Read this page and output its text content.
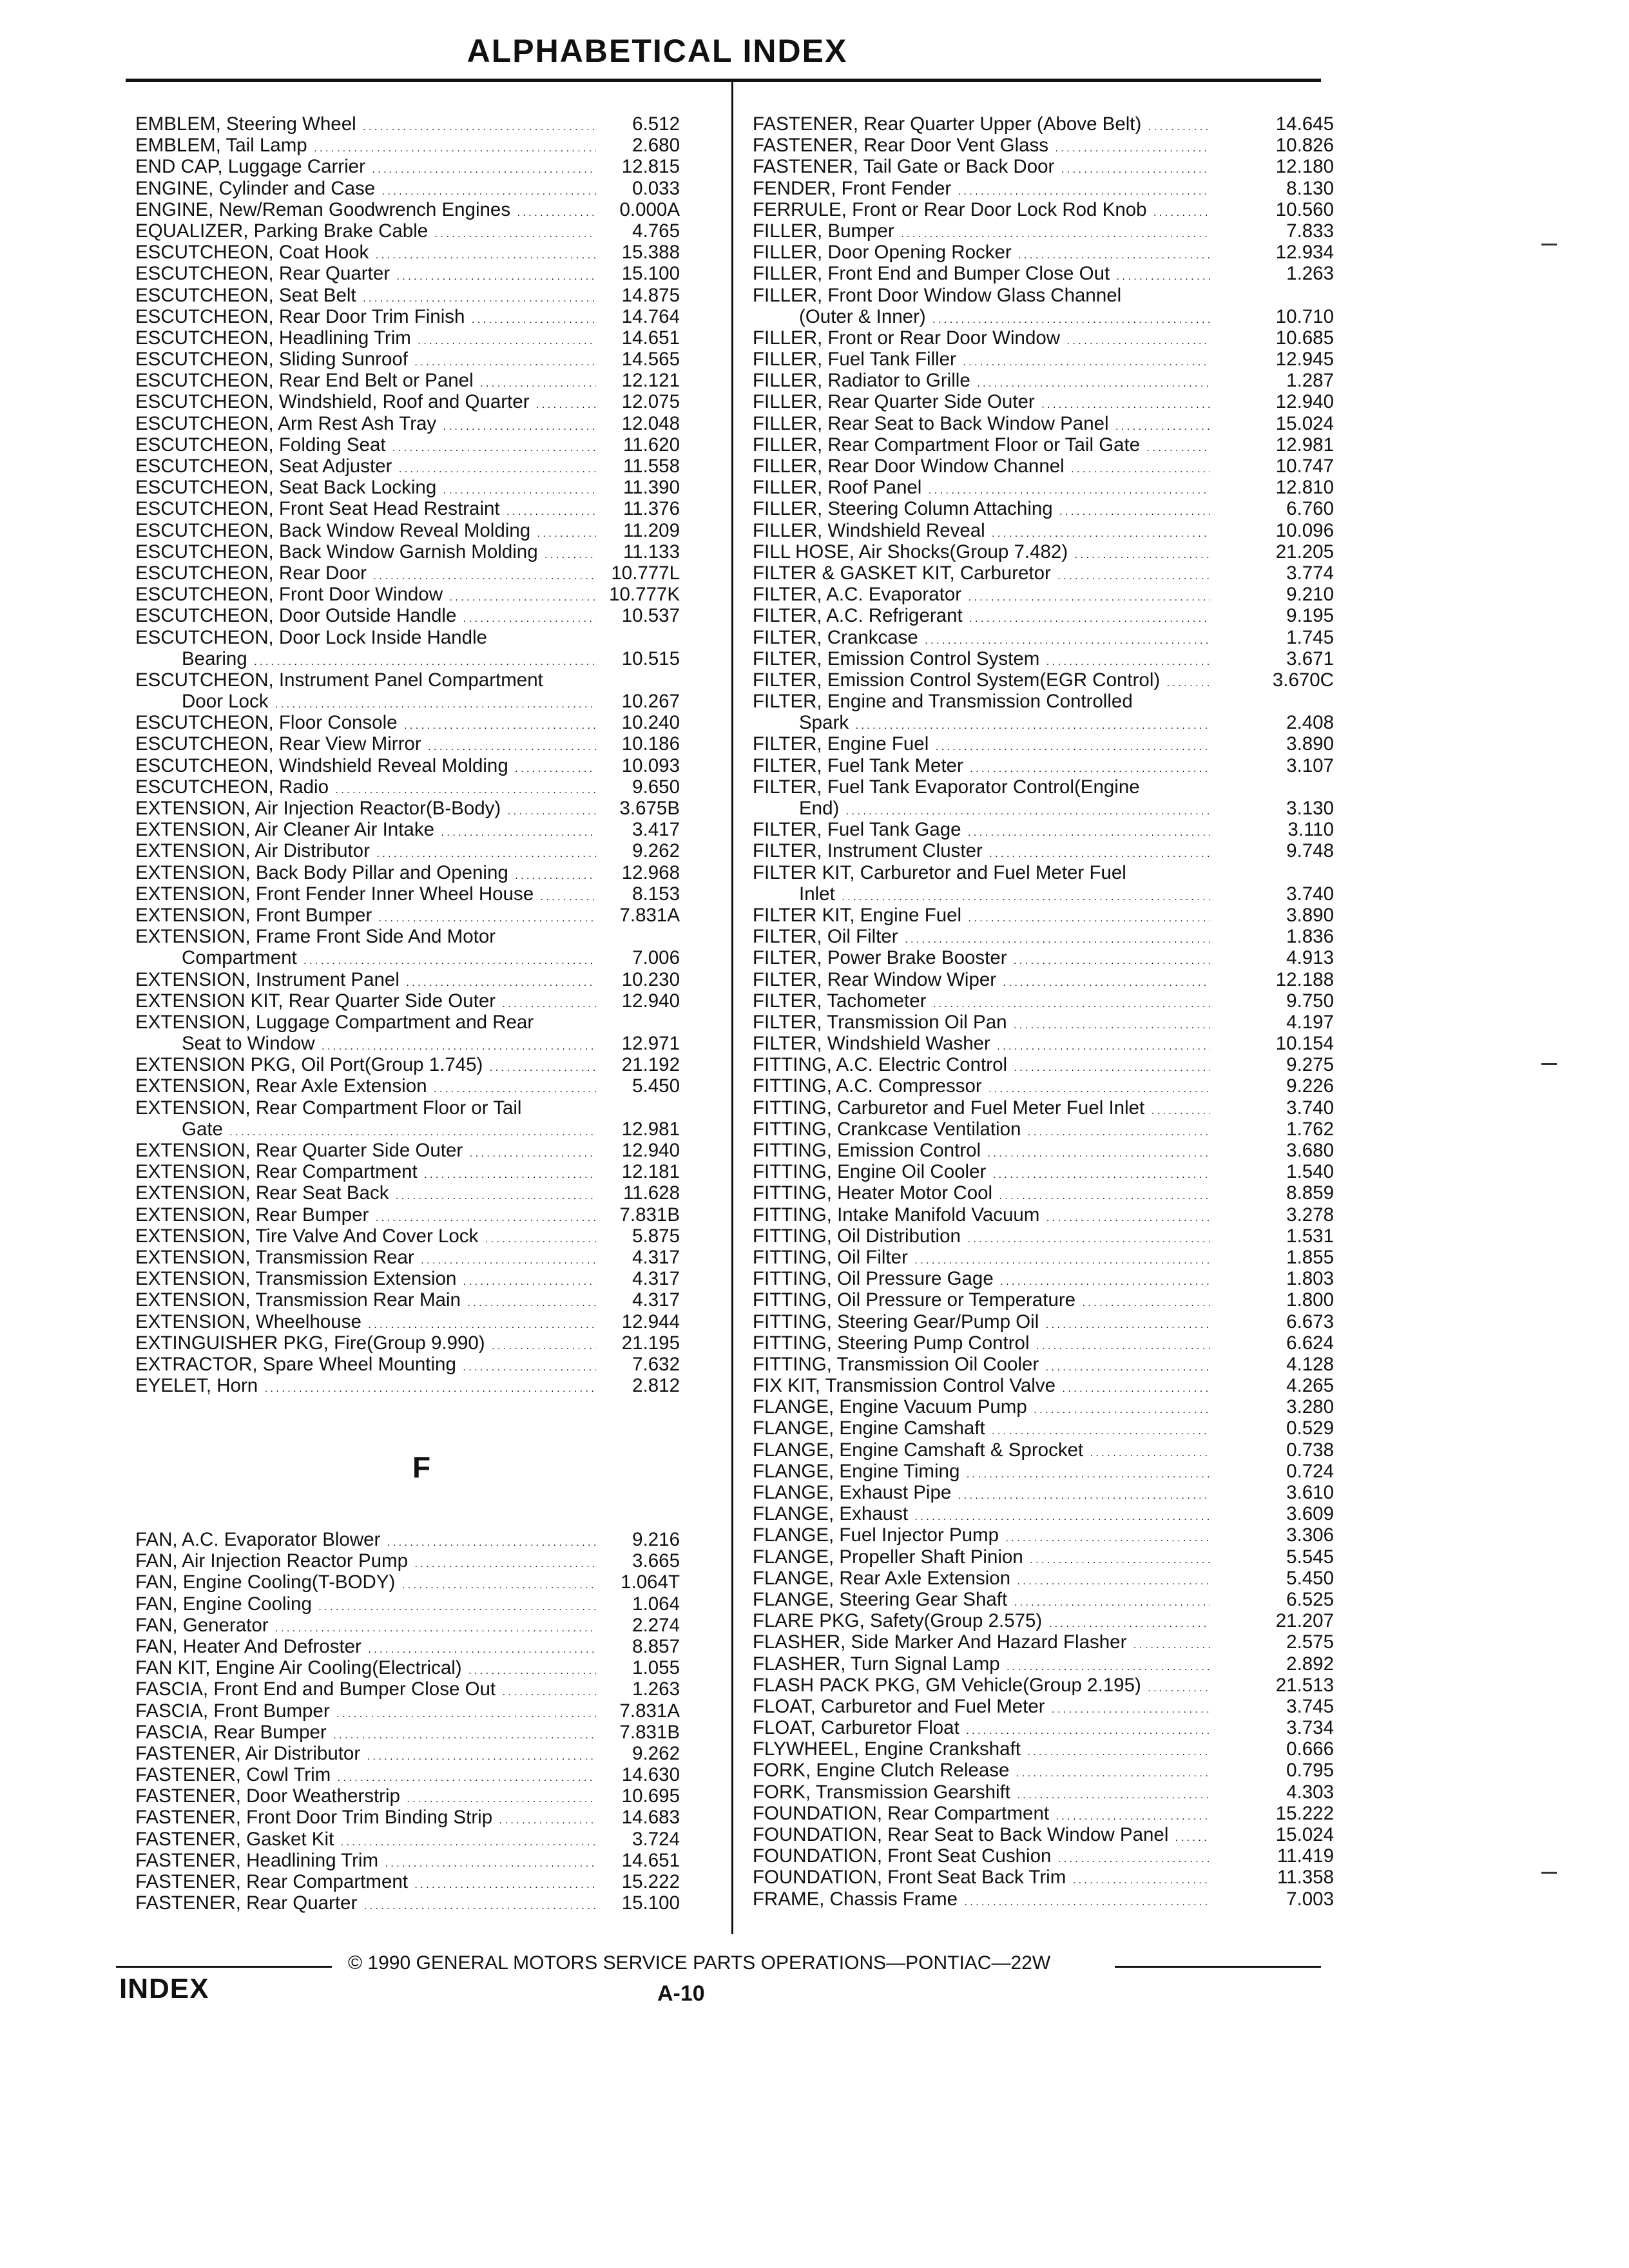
ALPHABETICAL INDEX
EMBLEM, Steering Wheel . . .
EMBLEM, Tail Lamp . . .
END CAP, Luggage Carrier . . .
ENGINE, Cylinder and Case . . .
ENGINE, New/Reman Goodwrench Engines . . .
EQUALIZER, Parking Brake Cable . . .
ESCUTCHEON, Coat Hook . . .
ESCUTCHEON, Rear Quarter . . .
ESCUTCHEON, Seat Belt . . .
ESCUTCHEON, Rear Door Trim Finish . . .
ESCUTCHEON, Headlining Trim . . .
ESCUTCHEON, Sliding Sunroof . . .
ESCUTCHEON, Rear End Belt or Panel . . .
ESCUTCHEON, Windshield, Roof and Quarter . . .
ESCUTCHEON, Arm Rest Ash Tray . . .
ESCUTCHEON, Folding Seat . . .
ESCUTCHEON, Seat Adjuster . . .
ESCUTCHEON, Seat Back Locking . . .
ESCUTCHEON, Front Seat Head Restraint . . .
ESCUTCHEON, Back Window Reveal Molding . . .
ESCUTCHEON, Back Window Garnish Molding . . .
ESCUTCHEON, Rear Door . . .
ESCUTCHEON, Front Door Window . . .
ESCUTCHEON, Door Outside Handle . . .
ESCUTCHEON, Door Lock Inside Handle
Bearing . . .
ESCUTCHEON, Instrument Panel Compartment
Door Lock . . .
ESCUTCHEON, Floor Console . . .
ESCUTCHEON, Rear View Mirror . . .
ESCUTCHEON, Windshield Reveal Molding . . .
ESCUTCHEON, Radio . . .
EXTENSION, Air Injection Reactor(B-Body) . . .
EXTENSION, Air Cleaner Air Intake . . .
EXTENSION, Air Distributor . . .
EXTENSION, Back Body Pillar and Opening . . .
EXTENSION, Front Fender Inner Wheel House . . .
EXTENSION, Front Bumper . . .
EXTENSION, Frame Front Side And Motor
Compartment . . .
EXTENSION, Instrument Panel . . .
EXTENSION KIT, Rear Quarter Side Outer . . .
EXTENSION, Luggage Compartment and Rear
Seat to Window . . .
EXTENSION PKG, Oil Port(Group 1.745) . . .
EXTENSION, Rear Axle Extension . . .
EXTENSION, Rear Compartment Floor or Tail
Gate . . .
EXTENSION, Rear Quarter Side Outer . . .
EXTENSION, Rear Compartment . . .
EXTENSION, Rear Seat Back . . .
EXTENSION, Rear Bumper . . .
EXTENSION, Tire Valve And Cover Lock . . .
EXTENSION, Transmission Rear . . .
EXTENSION, Transmission Extension . . .
EXTENSION, Transmission Rear Main . . .
EXTENSION, Wheelhouse . . .
EXTINGUISHER PKG, Fire(Group 9.990) . . .
EXTRACTOR, Spare Wheel Mounting . . .
EYELET, Horn . . .
6.512
2.680
12.815
0.033
0.000A
4.765
15.388
15.100
14.875
14.764
14.651
14.565
12.121
12.075
12.048
11.620
11.558
11.390
11.376
11.209
11.133
10.777L
10.777K
10.537

10.515

10.267
10.240
10.186
10.093
9.650
3.675B
3.417
9.262
12.968
8.153
7.831A

7.006
10.230
12.940

12.971
21.192
5.450

12.981
12.940
12.181
11.628
7.831B
5.875
4.317
4.317
4.317
12.944
21.195
7.632
2.812
F
FAN, A.C. Evaporator Blower . . .
FAN, Air Injection Reactor Pump . . .
FAN, Engine Cooling(T-BODY) . . .
FAN, Engine Cooling . . .
FAN, Generator . . .
FAN, Heater And Defroster . . .
FAN KIT, Engine Air Cooling(Electrical) . . .
FASCIA, Front End and Bumper Close Out . . .
FASCIA, Front Bumper . . .
FASCIA, Rear Bumper . . .
FASTENER, Air Distributor . . .
FASTENER, Cowl Trim . . .
FASTENER, Door Weatherstrip . . .
FASTENER, Front Door Trim Binding Strip . . .
FASTENER, Gasket Kit . . .
FASTENER, Headlining Trim . . .
FASTENER, Rear Compartment . . .
FASTENER, Rear Quarter . . .
9.216
3.665
1.064T
1.064
2.274
8.857
1.055
1.263
7.831A
7.831B
9.262
14.630
10.695
14.683
3.724
14.651
15.222
15.100
FASTENER, Rear Quarter Upper (Above Belt) . . .
FASTENER, Rear Door Vent Glass . . .
FASTENER, Tail Gate or Back Door . . .
FENDER, Front Fender . . .
FERRULE, Front or Rear Door Lock Rod Knob . . .
FILLER, Bumper . . .
FILLER, Door Opening Rocker . . .
FILLER, Front End and Bumper Close Out . . .
FILLER, Front Door Window Glass Channel
(Outer & Inner) . . .
FILLER, Front or Rear Door Window . . .
FILLER, Fuel Tank Filler . . .
FILLER, Radiator to Grille . . .
FILLER, Rear Quarter Side Outer . . .
FILLER, Rear Seat to Back Window Panel . . .
FILLER, Rear Compartment Floor or Tail Gate . . .
FILLER, Rear Door Window Channel . . .
FILLER, Roof Panel . . .
FILLER, Steering Column Attaching . . .
FILLER, Windshield Reveal . . .
FILL HOSE, Air Shocks(Group 7.482) . . .
FILTER & GASKET KIT, Carburetor . . .
FILTER, A.C. Evaporator . . .
FILTER, A.C. Refrigerant . . .
FILTER, Crankcase . . .
FILTER, Emission Control System . . .
FILTER, Emission Control System(EGR Control) . . .
FILTER, Engine and Transmission Controlled
Spark . . .
FILTER, Engine Fuel . . .
FILTER, Fuel Tank Meter . . .
FILTER, Fuel Tank Evaporator Control(Engine
End) . . .
FILTER, Fuel Tank Gage . . .
FILTER, Instrument Cluster . . .
FILTER KIT, Carburetor and Fuel Meter Fuel
Inlet . . .
FILTER KIT, Engine Fuel . . .
FILTER, Oil Filter . . .
FILTER, Power Brake Booster . . .
FILTER, Rear Window Wiper . . .
FILTER, Tachometer . . .
FILTER, Transmission Oil Pan . . .
FILTER, Windshield Washer . . .
FITTING, A.C. Electric Control . . .
FITTING, A.C. Compressor . . .
FITTING, Carburetor and Fuel Meter Fuel Inlet . . .
FITTING, Crankcase Ventilation . . .
FITTING, Emission Control . . .
FITTING, Engine Oil Cooler . . .
FITTING, Heater Motor Cool . . .
FITTING, Intake Manifold Vacuum . . .
FITTING, Oil Distribution . . .
FITTING, Oil Filter . . .
FITTING, Oil Pressure Gage . . .
FITTING, Oil Pressure or Temperature . . .
FITTING, Steering Gear/Pump Oil . . .
FITTING, Steering Pump Control . . .
FITTING, Transmission Oil Cooler . . .
FIX KIT, Transmission Control Valve . . .
FLANGE, Engine Vacuum Pump . . .
FLANGE, Engine Camshaft . . .
FLANGE, Engine Camshaft & Sprocket . . .
FLANGE, Engine Timing . . .
FLANGE, Exhaust Pipe . . .
FLANGE, Exhaust . . .
FLANGE, Fuel Injector Pump . . .
FLANGE, Propeller Shaft Pinion . . .
FLANGE, Rear Axle Extension . . .
FLANGE, Steering Gear Shaft . . .
FLARE PKG, Safety(Group 2.575) . . .
FLASHER, Side Marker And Hazard Flasher . . .
FLASHER, Turn Signal Lamp . . .
FLASH PACK PKG, GM Vehicle(Group 2.195) . . .
FLOAT, Carburetor and Fuel Meter . . .
FLOAT, Carburetor Float . . .
FLYWHEEL, Engine Crankshaft . . .
FORK, Engine Clutch Release . . .
FORK, Transmission Gearshift . . .
FOUNDATION, Rear Compartment . . .
FOUNDATION, Rear Seat to Back Window Panel . . .
FOUNDATION, Front Seat Cushion . . .
FOUNDATION, Front Seat Back Trim . . .
FRAME, Chassis Frame . . .
14.645
10.826
12.180
8.130
10.560
7.833
12.934
1.263

10.710
10.685
12.945
1.287
12.940
15.024
12.981
10.747
12.810
6.760
10.096
21.205
3.774
9.210
9.195
1.745
3.671
3.670C

2.408
3.890
3.107

3.130
3.110
9.748

3.740
3.890
1.836
4.913
12.188
9.750
4.197
10.154
9.275
9.226
3.740
1.762
3.680
1.540
8.859
3.278
1.531
1.855
1.803
1.800
6.673
6.624
4.128
4.265
3.280
0.529
0.738
0.724
3.610
3.609
3.306
5.545
5.450
6.525
21.207
2.575
2.892
21.513
3.745
3.734
0.666
0.795
4.303
15.222
15.024
11.419
11.358
7.003
© 1990 GENERAL MOTORS SERVICE PARTS OPERATIONS—PONTIAC—22W
INDEX	A-10
